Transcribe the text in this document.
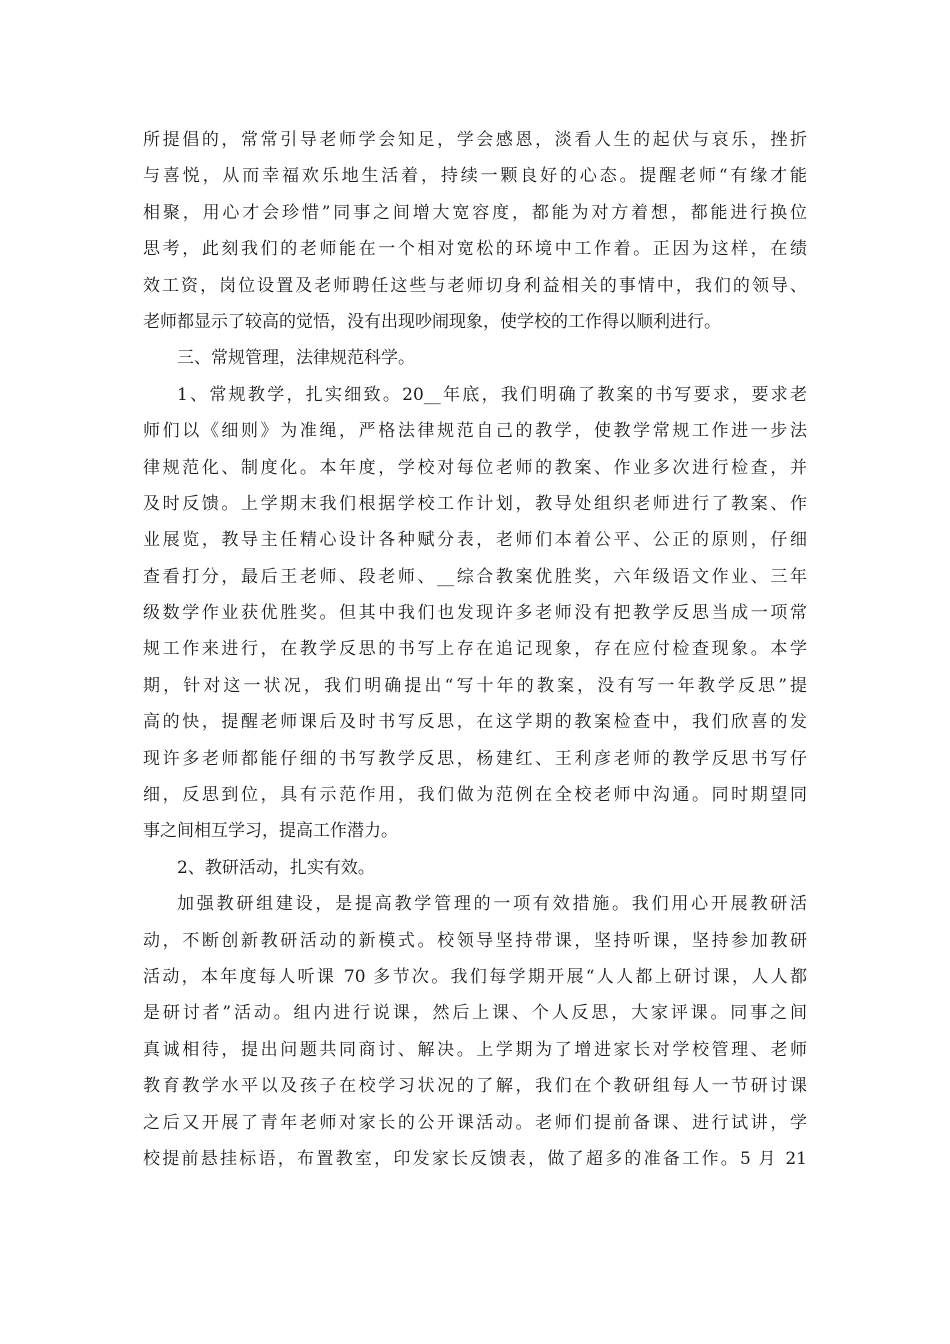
所提倡的，常常引导老师学会知足，学会感恩，淡看人生的起伏与哀乐，挫折
与喜悦，从而幸福欢乐地生活着，持续一颗良好的心态。提醒老师“有缘才能
相聚，用心才会珍惜”同事之间增大宽容度，都能为对方着想，都能进行换位
思考，此刻我们的老师能在一个相对宽松的环境中工作着。正因为这样，在绩
效工资，岗位设置及老师聘任这些与老师切身利益相关的事情中，我们的领导、
老师都显示了较高的觉悟，没有出现吵闹现象，使学校的工作得以顺利进行。
三、常规管理，法律规范科学。
1、常规教学，扎实细致。20__年底，我们明确了教案的书写要求，要求老
师们以《细则》为准绳，严格法律规范自己的教学，使教学常规工作进一步法
律规范化、制度化。本年度，学校对每位老师的教案、作业多次进行检查，并
及时反馈。上学期末我们根据学校工作计划，教导处组织老师进行了教案、作
业展览，教导主任精心设计各种赋分表，老师们本着公平、公正的原则，仔细
查看打分，最后王老师、段老师、__综合教案优胜奖，六年级语文作业、三年
级数学作业获优胜奖。但其中我们也发现许多老师没有把教学反思当成一项常
规工作来进行，在教学反思的书写上存在追记现象，存在应付检查现象。本学
期，针对这一状况，我们明确提出“写十年的教案，没有写一年教学反思”提
高的快，提醒老师课后及时书写反思，在这学期的教案检查中，我们欣喜的发
现许多老师都能仔细的书写教学反思，杨建红、王利彦老师的教学反思书写仔
细，反思到位，具有示范作用，我们做为范例在全校老师中沟通。同时期望同
事之间相互学习，提高工作潜力。
2、教研活动，扎实有效。
加强教研组建设，是提高教学管理的一项有效措施。我们用心开展教研活
动，不断创新教研活动的新模式。校领导坚持带课，坚持听课，坚持参加教研
活动，本年度每人听课 70 多节次。我们每学期开展“人人都上研讨课，人人都
是研讨者”活动。组内进行说课，然后上课、个人反思，大家评课。同事之间
真诚相待，提出问题共同商讨、解决。上学期为了增进家长对学校管理、老师
教育教学水平以及孩子在校学习状况的了解，我们在个教研组每人一节研讨课
之后又开展了青年老师对家长的公开课活动。老师们提前备课、进行试讲，学
校提前悬挂标语，布置教室，印发家长反馈表，做了超多的准备工作。5 月 21
